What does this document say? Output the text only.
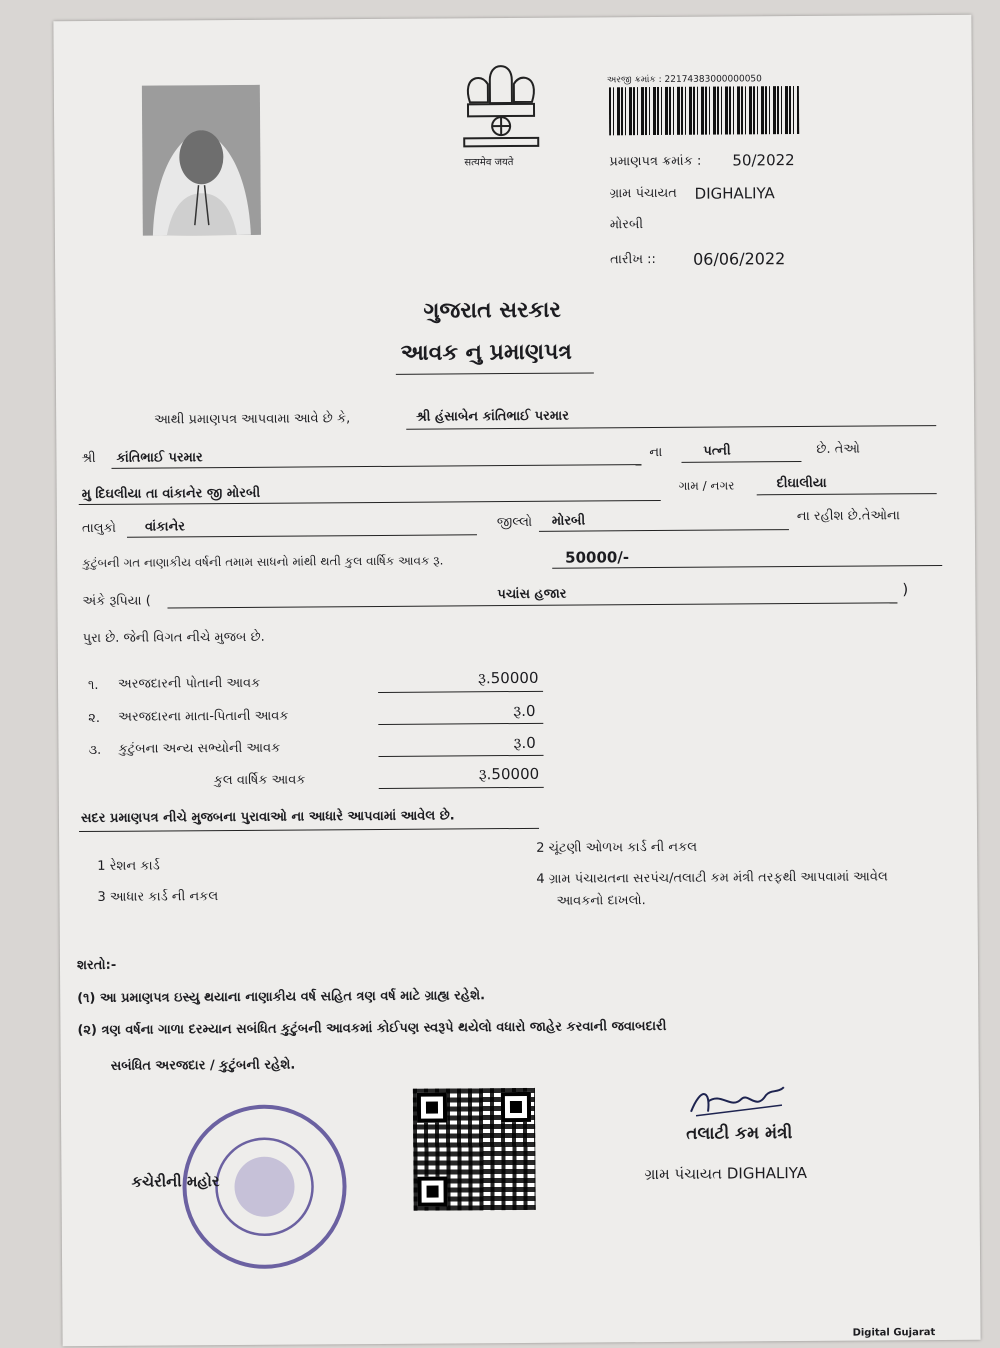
सत्यमेव जयते
અરજી ક્રમાંક : 22174383000000050
પ્રમાણપત્ર ક્રમાંક : 50/2022
ગ્રામ પંચાયત DIGHALIYA
મોરબી
તારીખ :: 06/06/2022
ગુજરાત સરકાર
આવક નુ પ્રમાણપત્ર
આથી પ્રમાણપત્ર આપવામા આવે છે કે,	શ્રી હંસાબેન કાંતિભાઈ પરમાર
શ્રી કાંતિભાઈ પરમાર	ના	પત્ની	છે. તેઓ
મુ દિઘલીયા તા વાંકાનેર જી મોરબી
ગામ / નગર	દીઘાલીયા
તાલુકો વાંકાનેર	જીલ્લો મોરબી	ના રહીશ છે.તેઓના
કુટુંબની ગત નાણાકીય વર્ષની તમામ સાધનો માંથી થતી કુલ વાર્ષિક આવક રૂ.	50000/-
અંકે રૂપિયા (	પચાંસ હજાર	)
પુરા છે. જેની વિગત નીચે મુજબ છે.
૧. અરજદારની પોતાની આવક	રૂ.50000
૨. અરજદારના માતા-પિતાની આવક	રૂ.0
૩. કુટુંબના અન્ય સભ્યોની આવક	રૂ.0
કુલ વાર્ષિક આવક	રૂ.50000
સદર પ્રમાણપત્ર નીચે મુજબના પુરાવાઓ ના આધારે આપવામાં આવેલ છે.
1 રેશન કાર્ડ
2 ચૂંટણી ઓળખ કાર્ડ ની નકલ
3 આધાર કાર્ડ ની નકલ
4 ગ્રામ પંચાયતના સરપંચ/તલાટી કમ મંત્રી તરફથી આપવામાં આવેલ
આવકનો દાખલો.
શરતો:-
(૧) આ પ્રમાણપત્ર ઇસ્યુ થયાના નાણાકીય વર્ષ સહિત ત્રણ વર્ષ માટે ગ્રાહ્ય રહેશે.
(૨) ત્રણ વર્ષના ગાળા દરમ્યાન સબંધિત કુટુંબની આવકમાં કોઈપણ સ્વરૂપે થયેલો વધારો જાહેર કરવાની જવાબદારી
સબંધિત અરજદાર / કુટુંબની રહેશે.
કચેરીની મહોર
તલાટી કમ મંત્રી
ગ્રામ પંચાયત DIGHALIYA
Digital Gujarat
